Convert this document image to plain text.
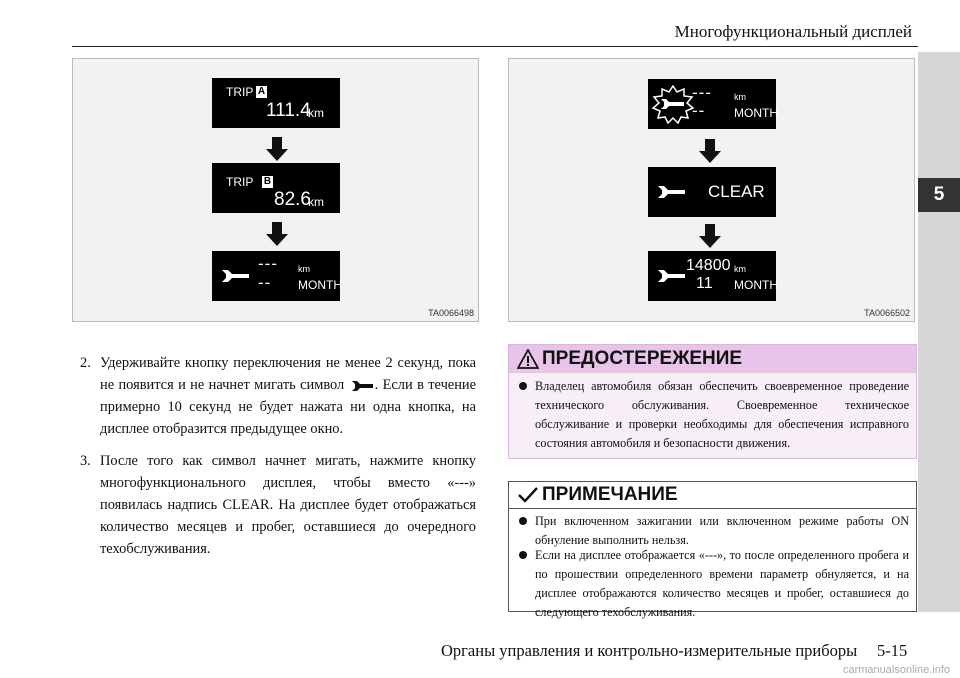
Многофункциональный дисплей
5
TRIP A
111.4
km
TRIP B
82.6
km
---
--
km
MONTH
TA0066498
---
--
km
MONTH
CLEAR
14800
11
km
MONTH
TA0066502
2. Удерживайте кнопку переключения не менее 2 секунд, пока не появится и не начнет мигать символ . Если в течение примерно 10 секунд не будет нажата ни одна кнопка, на дисплее отобразится предыдущее окно.
3. После того как символ начнет мигать, нажмите кнопку многофункционального дисплея, чтобы вместо «---» появилась надпись CLEAR. На дисплее будет отображаться количество месяцев и пробег, оставшиеся до очередного техобслуживания.
ПРЕДОСТЕРЕЖЕНИЕ
Владелец автомобиля обязан обеспечить своевременное проведение технического обслуживания. Своевременное техническое обслуживание и проверки необходимы для обеспечения исправного состояния автомобиля и безопасности движения.
ПРИМЕЧАНИЕ
При включенном зажигании или включенном режиме работы ON обнуление выполнить нельзя.
Если на дисплее отображается «---», то после определенного пробега и по прошествии определенного времени параметр обнуляется, и на дисплее отображаются количество месяцев и пробег, оставшиеся до следующего техобслуживания.
Органы управления и контрольно-измерительные приборы 5-15
carmanualsonline.info
